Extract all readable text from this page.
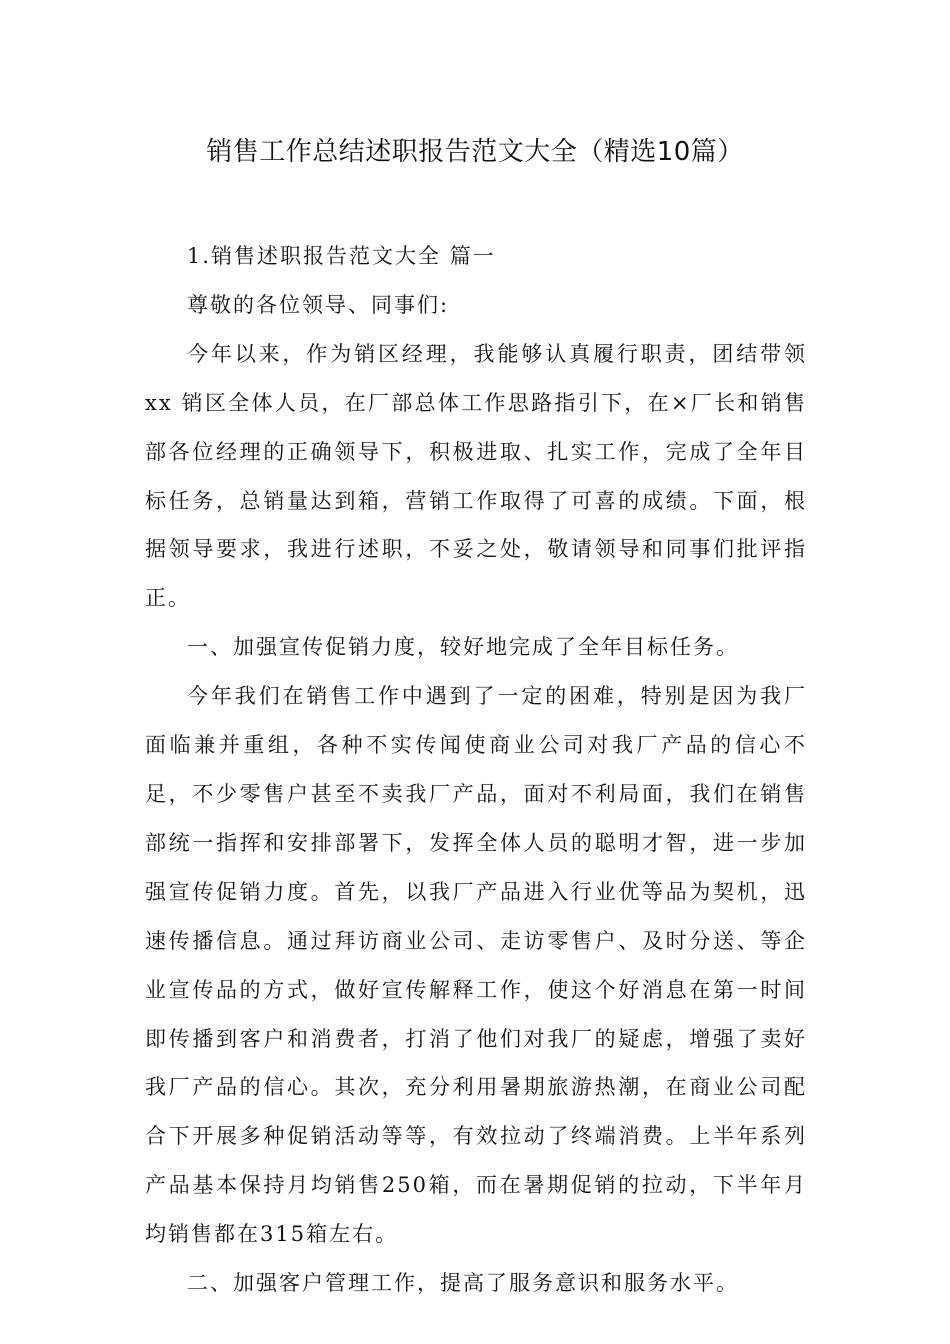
销售工作总结述职报告范文大全（精选10篇）

1.销售述职报告范文大全 篇一

尊敬的各位领导、同事们:

今年以来，作为销区经理，我能够认真履行职责，团结带领 xx 销区全体人员，在厂部总体工作思路指引下，在×厂长和销售部各位经理的正确领导下，积极进取、扎实工作，完成了全年目标任务，总销量达到箱，营销工作取得了可喜的成绩。下面，根据领导要求，我进行述职，不妥之处，敬请领导和同事们批评指正。

一、加强宣传促销力度，较好地完成了全年目标任务。

今年我们在销售工作中遇到了一定的困难，特别是因为我厂面临兼并重组，各种不实传闻使商业公司对我厂产品的信心不足，不少零售户甚至不卖我厂产品，面对不利局面，我们在销售部统一指挥和安排部署下，发挥全体人员的聪明才智，进一步加强宣传促销力度。首先，以我厂产品进入行业优等品为契机，迅速传播信息。通过拜访商业公司、走访零售户、及时分送、等企业宣传品的方式，做好宣传解释工作，使这个好消息在第一时间即传播到客户和消费者，打消了他们对我厂的疑虑，增强了卖好我厂产品的信心。其次，充分利用暑期旅游热潮，在商业公司配合下开展多种促销活动等等，有效拉动了终端消费。上半年系列产品基本保持月均销售250箱，而在暑期促销的拉动，下半年月均销售都在315箱左右。

二、加强客户管理工作，提高了服务意识和服务水平。
